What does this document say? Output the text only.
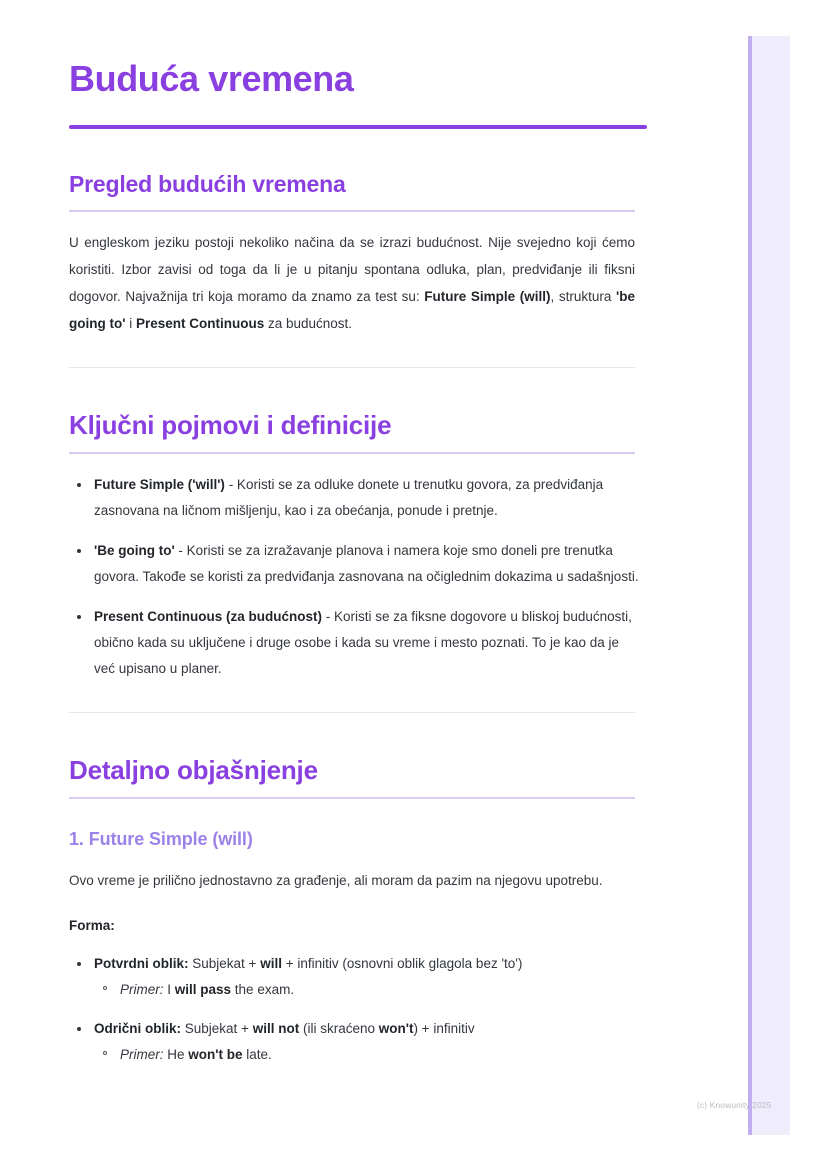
Buduća vremena
Pregled budućih vremena

U engleskom jeziku postoji nekoliko načina da se izrazi budućnost. Nije svejedno koji ćemo koristiti. Izbor zavisi od toga da li je u pitanju spontana odluka, plan, predviđanje ili fiksni dogovor. Najvažnija tri koja moramo da znamo za test su: Future Simple (will), struktura 'be going to' i Present Continuous za budućnost.

Ključni pojmovi i definicije
Future Simple ('will') - Koristi se za odluke donete u trenutku govora, za predviđanja zasnovana na ličnom mišljenju, kao i za obećanja, ponude i pretnje.
'Be going to' - Koristi se za izražavanje planova i namera koje smo doneli pre trenutka govora. Takođe se koristi za predviđanja zasnovana na očiglednim dokazima u sadašnjosti.
Present Continuous (za budućnost) - Koristi se za fiksne dogovore u bliskoj budućnosti, obično kada su uključene i druge osobe i kada su vreme i mesto poznati. To je kao da je već upisano u planer.
Detaljno objašnjenje
1. Future Simple (will)

Ovo vreme je prilično jednostavno za građenje, ali moram da pazim na njegovu upotrebu.

Forma:

Potvrdni oblik: Subjekat + will + infinitiv (osnovni oblik glagola bez 'to')
Primer: I will pass the exam.
Odrični oblik: Subjekat + will not (ili skraćeno won't) + infinitiv
Primer: He won't be late.
(c) Knowunity 2025
